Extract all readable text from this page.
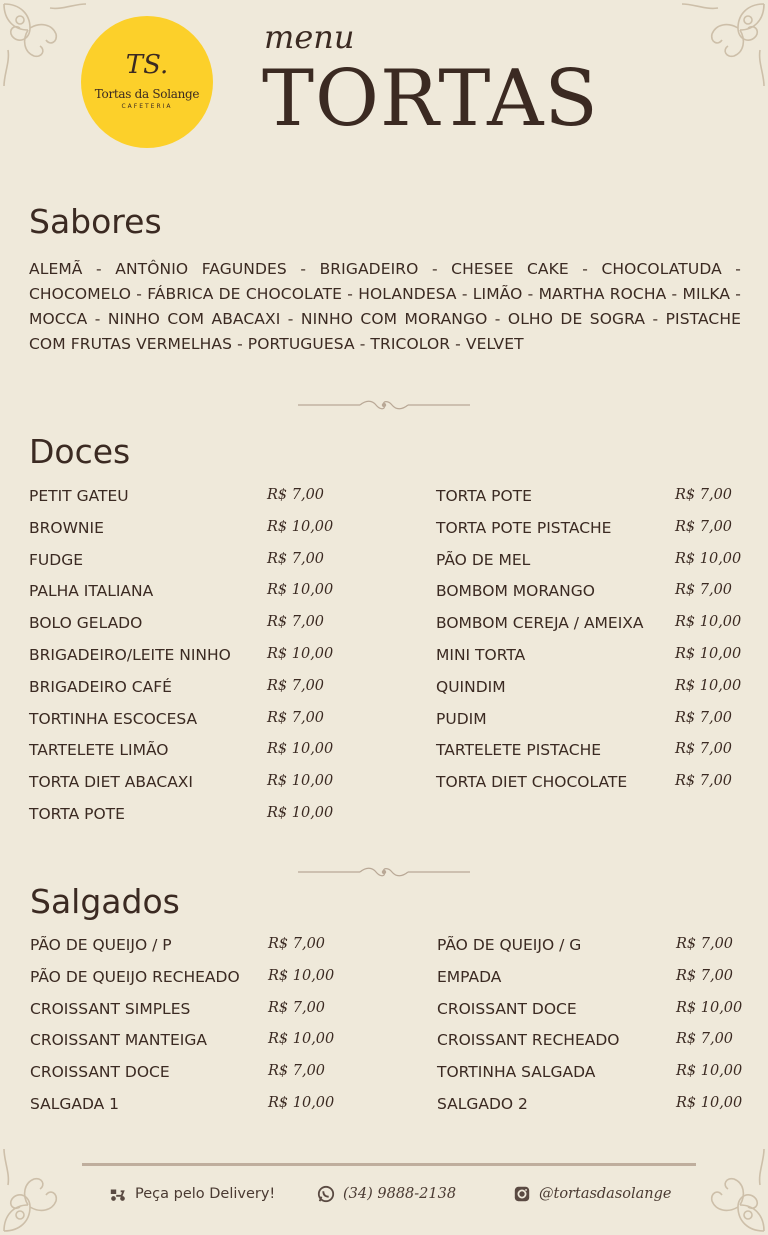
TS.
Tortas da Solange
CAFETERIA
menu
TORTAS
Sabores
ALEMÃ - ANTÔNIO FAGUNDES - BRIGADEIRO - CHESEE CAKE - CHOCOLATUDA - CHOCOMELO - FÁBRICA DE CHOCOLATE - HOLANDESA - LIMÃO - MARTHA ROCHA - MILKA - MOCCA - NINHO COM ABACAXI - NINHO COM MORANGO - OLHO DE SOGRA - PISTACHE COM FRUTAS VERMELHAS - PORTUGUESA - TRICOLOR - VELVET
Doces
PETIT GATEU	R$ 7,00
BROWNIE	R$ 10,00
FUDGE	R$ 7,00
PALHA ITALIANA	R$ 10,00
BOLO GELADO	R$ 7,00
BRIGADEIRO/LEITE NINHO R$ 10,00
BRIGADEIRO CAFÉ	R$ 7,00
TORTINHA ESCOCESA	R$ 7,00
TARTELETE LIMÃO	R$ 10,00
TORTA DIET ABACAXI	R$ 10,00
TORTA POTE	R$ 10,00
TORTA POTE	R$ 7,00
TORTA POTE PISTACHE	R$ 7,00
PÃO DE MEL	R$ 10,00
BOMBOM MORANGO	R$ 7,00
BOMBOM CEREJA / AMEIXA R$ 10,00
MINI TORTA	R$ 10,00
QUINDIM	R$ 10,00
PUDIM	R$ 7,00
TARTELETE PISTACHE	R$ 7,00
TORTA DIET CHOCOLATE	R$ 7,00
Salgados
PÃO DE QUEIJO / P	R$ 7,00
PÃO DE QUEIJO RECHEADO R$ 10,00
CROISSANT SIMPLES	R$ 7,00
CROISSANT MANTEIGA	R$ 10,00
CROISSANT DOCE	R$ 7,00
SALGADA 1	R$ 10,00
PÃO DE QUEIJO / G	R$ 7,00
EMPADA	R$ 7,00
CROISSANT DOCE	R$ 10,00
CROISSANT RECHEADO	R$ 7,00
TORTINHA SALGADA	R$ 10,00
SALGADO 2	R$ 10,00
Peça pelo Delivery!	(34) 9888-2138	@tortasdasolange
